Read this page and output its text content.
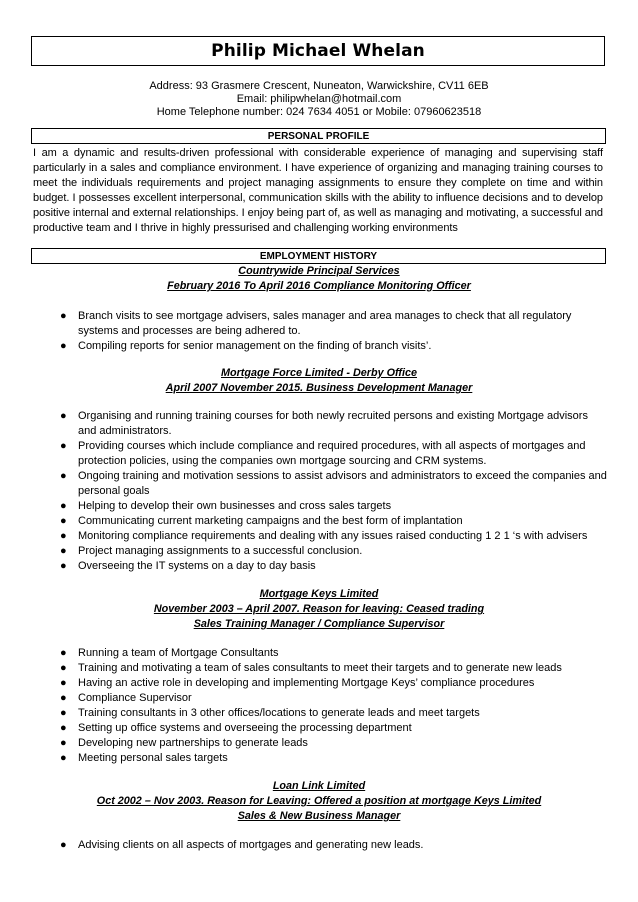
Philip Michael Whelan
Address: 93 Grasmere Crescent, Nuneaton, Warwickshire, CV11 6EB
Email: philipwhelan@hotmail.com
Home Telephone number: 024 7634 4051 or Mobile: 07960623518
PERSONAL PROFILE
I am a dynamic and results-driven professional with considerable experience of managing and supervising staff particularly in a sales and compliance environment. I have experience of organizing and managing training courses to meet the individuals requirements and project managing assignments to ensure they complete on time and within budget. I possesses excellent interpersonal, communication skills with the ability to influence decisions and to develop positive internal and external relationships. I enjoy being part of, as well as managing and motivating, a successful and productive team and I thrive in highly pressurised and challenging working environments
EMPLOYMENT HISTORY
Countrywide Principal Services
February 2016 To April 2016 Compliance Monitoring Officer
● Branch visits to see mortgage advisers, sales manager and area manages to check that all regulatory systems and processes are being adhered to.
● Compiling reports for senior management on the finding of branch visits’.
Mortgage Force Limited - Derby Office
April 2007 November 2015. Business Development Manager
● Organising and running training courses for both newly recruited persons and existing Mortgage advisors and administrators.
● Providing courses which include compliance and required procedures, with all aspects of mortgages and protection policies, using the companies own mortgage sourcing and CRM systems.
● Ongoing training and motivation sessions to assist advisors and administrators to exceed the companies and personal goals
● Helping to develop their own businesses and cross sales targets
● Communicating current marketing campaigns and the best form of implantation
● Monitoring compliance requirements and dealing with any issues raised conducting 1 2 1 ‘s with advisers
● Project managing assignments to a successful conclusion.
● Overseeing the IT systems on a day to day basis
Mortgage Keys Limited
November 2003 – April 2007. Reason for leaving: Ceased trading
Sales Training Manager / Compliance Supervisor
● Running a team of Mortgage Consultants
● Training and motivating a team of sales consultants to meet their targets and to generate new leads
● Having an active role in developing and implementing Mortgage Keys’ compliance procedures
● Compliance Supervisor
● Training consultants in 3 other offices/locations to generate leads and meet targets
● Setting up office systems and overseeing the processing department
● Developing new partnerships to generate leads
● Meeting personal sales targets
Loan Link Limited
Oct 2002 – Nov 2003. Reason for Leaving: Offered a position at mortgage Keys Limited
Sales & New Business Manager
● Advising clients on all aspects of mortgages and generating new leads.
